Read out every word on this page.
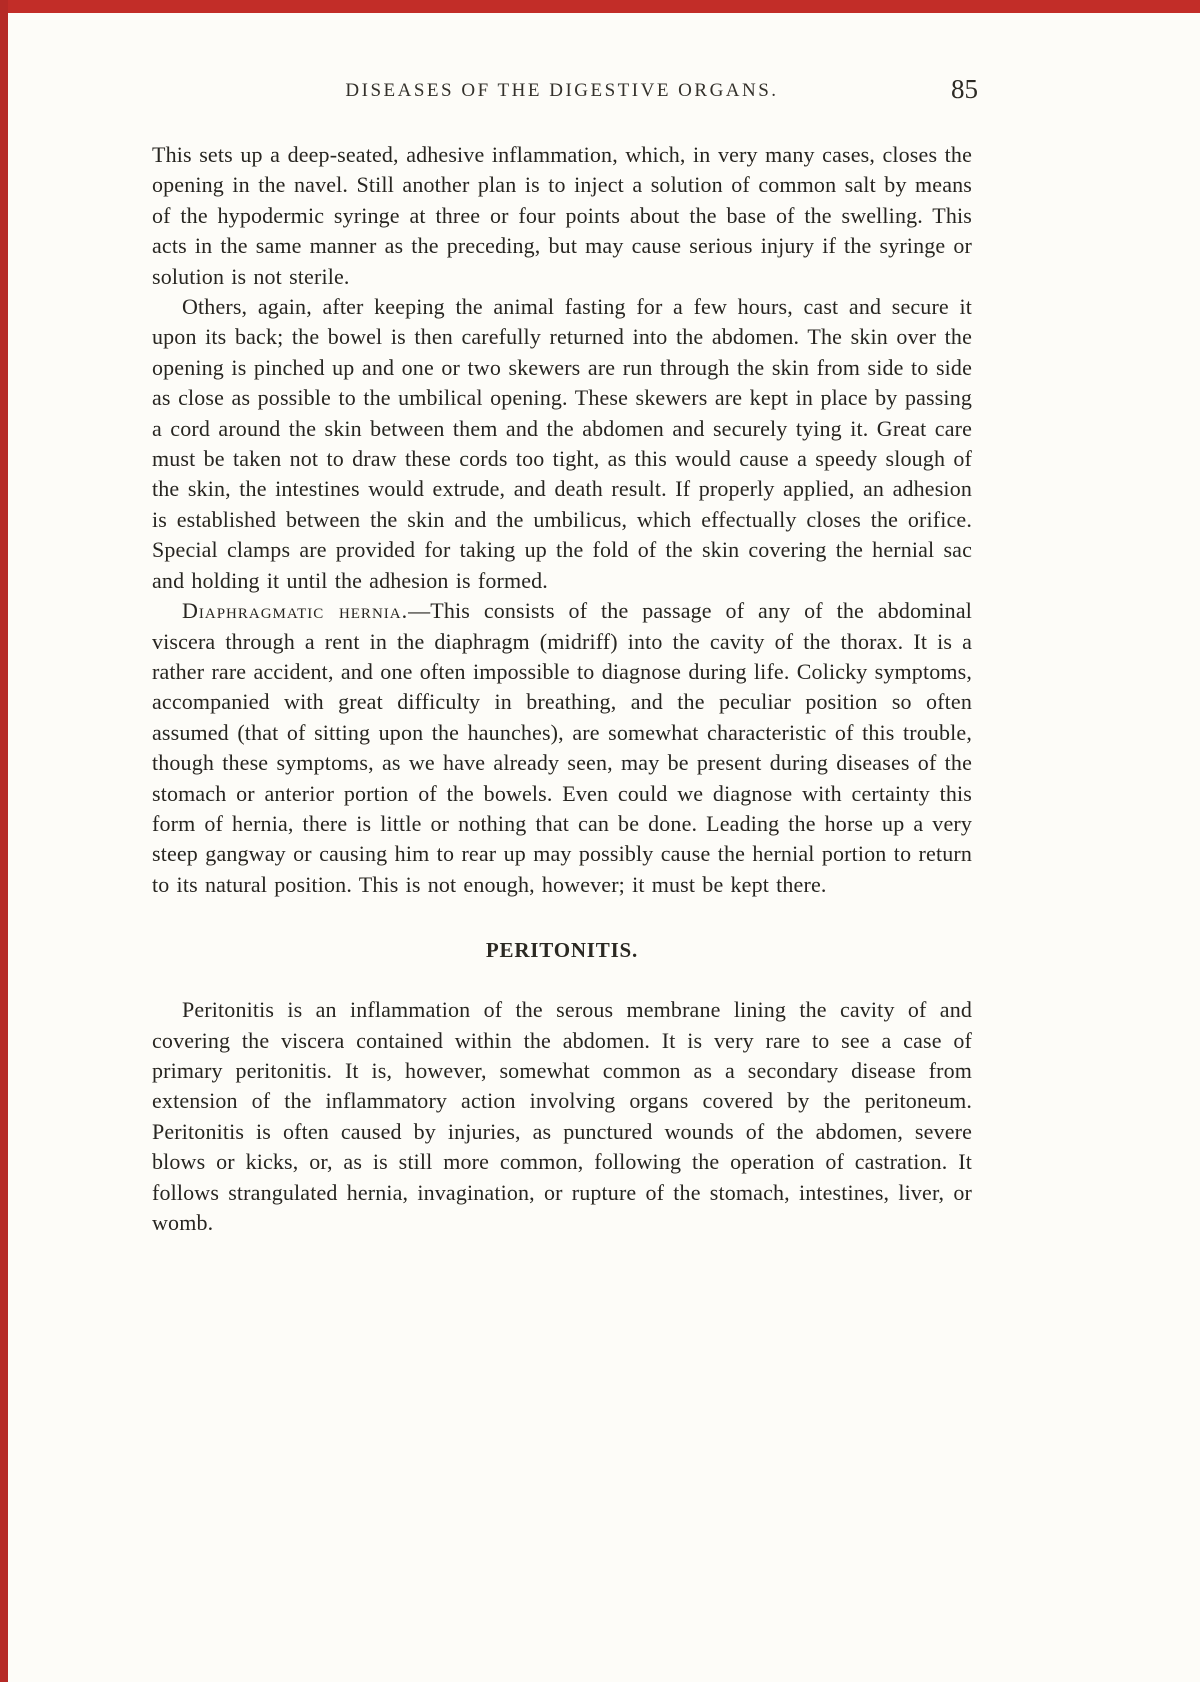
DISEASES OF THE DIGESTIVE ORGANS.	85

This sets up a deep-seated, adhesive inflammation, which, in very many cases, closes the opening in the navel. Still another plan is to inject a solution of common salt by means of the hypodermic syringe at three or four points about the base of the swelling. This acts in the same manner as the preceding, but may cause serious injury if the syringe or solution is not sterile.

Others, again, after keeping the animal fasting for a few hours, cast and secure it upon its back; the bowel is then carefully returned into the abdomen. The skin over the opening is pinched up and one or two skewers are run through the skin from side to side as close as possible to the umbilical opening. These skewers are kept in place by passing a cord around the skin between them and the abdomen and securely tying it. Great care must be taken not to draw these cords too tight, as this would cause a speedy slough of the skin, the intestines would extrude, and death result. If properly applied, an adhesion is established between the skin and the umbilicus, which effectually closes the orifice. Special clamps are provided for taking up the fold of the skin covering the hernial sac and holding it until the adhesion is formed.

Diaphragmatic hernia.—This consists of the passage of any of the abdominal viscera through a rent in the diaphragm (midriff) into the cavity of the thorax. It is a rather rare accident, and one often impossible to diagnose during life. Colicky symptoms, accompanied with great difficulty in breathing, and the peculiar position so often assumed (that of sitting upon the haunches), are somewhat characteristic of this trouble, though these symptoms, as we have already seen, may be present during diseases of the stomach or anterior portion of the bowels. Even could we diagnose with certainty this form of hernia, there is little or nothing that can be done. Leading the horse up a very steep gangway or causing him to rear up may possibly cause the hernial portion to return to its natural position. This is not enough, however; it must be kept there.

PERITONITIS.

Peritonitis is an inflammation of the serous membrane lining the cavity of and covering the viscera contained within the abdomen. It is very rare to see a case of primary peritonitis. It is, however, somewhat common as a secondary disease from extension of the inflammatory action involving organs covered by the peritoneum. Peritonitis is often caused by injuries, as punctured wounds of the abdomen, severe blows or kicks, or, as is still more common, following the operation of castration. It follows strangulated hernia, invagination, or rupture of the stomach, intestines, liver, or womb.
